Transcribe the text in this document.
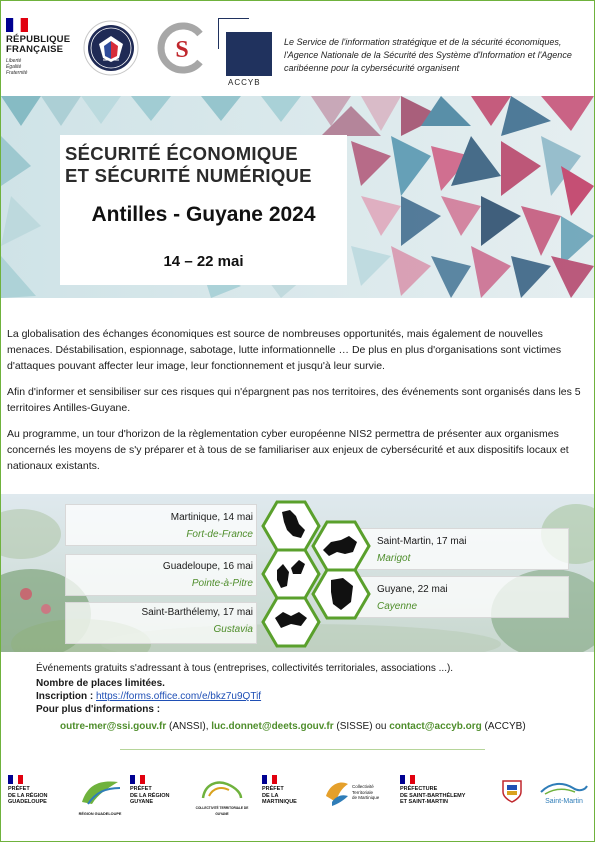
RÉPUBLIQUE
FRANÇAISE
Liberté
Égalité
Fraternité
S
ACCYB
Le Service de l'information stratégique et de la sécurité économiques, l'Agence Nationale de la Sécurité des Système d'Information et l'Agence caribéenne pour la cybersécurité organisent
SÉCURITÉ ÉCONOMIQUE
ET SÉCURITÉ NUMÉRIQUE
Antilles - Guyane 2024
14 – 22 mai
La globalisation des échanges économiques est source de nombreuses opportunités, mais également de nouvelles menaces. Déstabilisation, espionnage, sabotage, lutte informationnelle … De plus en plus d'organisations sont victimes d'attaques pouvant affecter leur image, leur fonctionnement et jusqu'à leur survie.
Afin d'informer et sensibiliser sur ces risques qui n'épargnent pas nos territoires, des événements sont organisés dans les 5 territoires Antilles-Guyane.
Au programme, un tour d'horizon de la règlementation cyber européenne NIS2 permettra de présenter aux organismes concernés les moyens de s'y préparer et à tous de se familiariser aux enjeux de cybersécurité et aux dispositifs locaux et nationaux existants.
Martinique, 14 mai
Fort-de-France
Guadeloupe, 16 mai
Pointe-à-Pitre
Saint-Barthélemy, 17 mai
Gustavia
Saint-Martin, 17 mai
Marigot
Guyane, 22 mai
Cayenne
Événements gratuits s'adressant à tous (entreprises, collectivités territoriales, associations ...).
Nombre de places limitées.
Inscription : https://forms.office.com/e/bkz7u9QTif
Pour plus d'informations :
outre-mer@ssi.gouv.fr (ANSSI), luc.donnet@deets.gouv.fr (SISSE) ou contact@accyb.org (ACCYB)
PRÉFET
DE LA RÉGION
GUADELOUPE
RÉGION GUADELOUPE
PRÉFET
DE LA RÉGION
GUYANE
COLLECTIVITÉ TERRITORIALE DE GUYANE
PRÉFET
DE LA
MARTINIQUE
Collectivité
Territoriale
de Martinique
PRÉFECTURE
DE SAINT-BARTHÉLEMY
ET SAINT-MARTIN	Saint-Martin
